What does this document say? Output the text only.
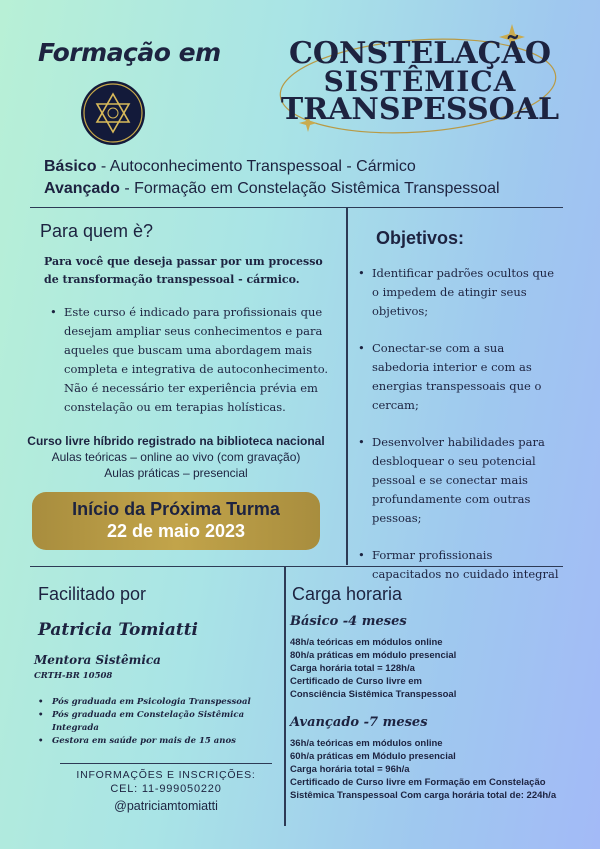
Formação em	CONSTELAÇÃO
SISTÊMICA
TRANSPESSOAL
Básico - Autoconhecimento Transpessoal - Cármico
Avançado - Formação em Constelação Sistêmica Transpessoal
Para quem è?
Para você que deseja passar por um processo de transformação transpessoal - cármico.
• Este curso é indicado para profissionais que desejam ampliar seus conhecimentos e para aqueles que buscam uma abordagem mais completa e integrativa de autoconhecimento. Não é necessário ter experiência prévia em constelação ou em terapias holísticas.
Curso livre híbrido registrado na biblioteca nacional
Aulas teóricas – online ao vivo (com gravação)
Aulas práticas – presencial
Início da Próxima Turma
22 de maio 2023
Objetivos:
• Identificar padrões ocultos que o impedem de atingir seus objetivos;
• Conectar-se com a sua sabedoria interior e com as energias transpessoais que o cercam;
• Desenvolver habilidades para desbloquear o seu potencial pessoal e se conectar mais profundamente com outras pessoas;
• Formar profissionais capacitados no cuidado integral
Facilitado por
Patricia Tomiatti
Mentora Sistêmica
CRTH-BR 10508
• Pós graduada em Psicologia Transpessoal
• Pós graduada em Constelação Sistêmica Integrada
• Gestora em saúde por mais de 15 anos
INFORMAÇÕES E INSCRIÇÕES:
CEL: 11-999050220
@patriciamtomiatti
Carga horaria
Básico -4 meses
48h/a teóricas em módulos online
80h/a práticas em módulo presencial
Carga horária total = 128h/a
Certificado de Curso livre em
Consciência Sistêmica Transpessoal
Avançado -7 meses
36h/a teóricas em módulos online
60h/a práticas em Módulo presencial
Carga horária total = 96h/a
Certificado de Curso livre em Formação em Constelação
Sistêmica Transpessoal Com carga horária total de: 224h/a
